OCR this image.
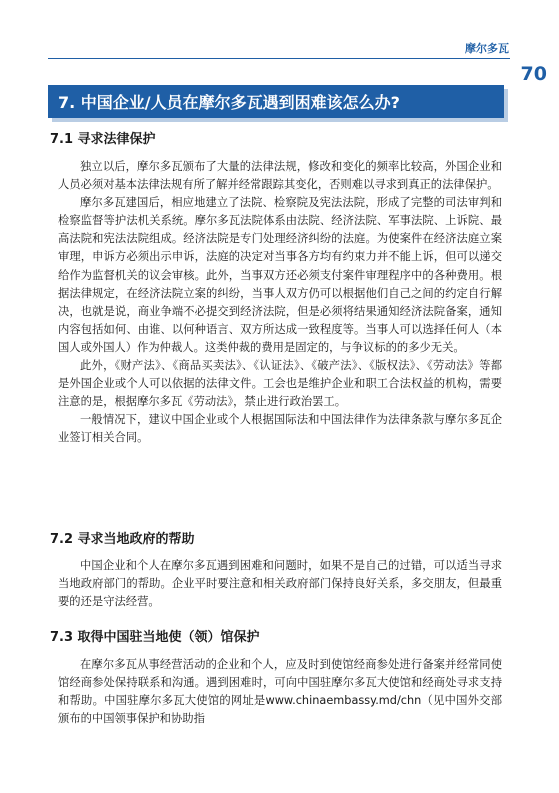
摩尔多瓦
70
7. 中国企业/人员在摩尔多瓦遇到困难该怎么办?
7.1 寻求法律保护

独立以后，摩尔多瓦颁布了大量的法律法规，修改和变化的频率比较高，外国企业和人员必须对基本法律法规有所了解并经常跟踪其变化，否则难以寻求到真正的法律保护。

摩尔多瓦建国后，相应地建立了法院、检察院及宪法法院，形成了完整的司法审判和检察监督等护法机关系统。摩尔多瓦法院体系由法院、经济法院、军事法院、上诉院、最高法院和宪法法院组成。经济法院是专门处理经济纠纷的法庭。为使案件在经济法庭立案审理，申诉方必须出示申诉，法庭的决定对当事各方均有约束力并不能上诉，但可以递交给作为监督机关的议会审核。此外，当事双方还必须支付案件审理程序中的各种费用。根据法律规定，在经济法院立案的纠纷，当事人双方仍可以根据他们自己之间的约定自行解决，也就是说，商业争端不必提交到经济法院，但是必须将结果通知经济法院备案，通知内容包括如何、由谁、以何种语言、双方所达成一致程度等。当事人可以选择任何人（本国人或外国人）作为仲裁人。这类仲裁的费用是固定的，与争议标的的多少无关。

此外，《财产法》、《商品买卖法》、《认证法》、《破产法》、《版权法》、《劳动法》等都是外国企业或个人可以依据的法律文件。工会也是维护企业和职工合法权益的机构，需要注意的是，根据摩尔多瓦《劳动法》，禁止进行政治罢工。

一般情况下，建议中国企业或个人根据国际法和中国法律作为法律条款与摩尔多瓦企业签订相关合同。

7.2 寻求当地政府的帮助

中国企业和个人在摩尔多瓦遇到困难和问题时，如果不是自己的过错，可以适当寻求当地政府部门的帮助。企业平时要注意和相关政府部门保持良好关系，多交朋友，但最重要的还是守法经营。

7.3 取得中国驻当地使（领）馆保护

在摩尔多瓦从事经营活动的企业和个人，应及时到使馆经商参处进行备案并经常同使馆经商参处保持联系和沟通。遇到困难时，可向中国驻摩尔多瓦大使馆和经商处寻求支持和帮助。中国驻摩尔多瓦大使馆的网址是www.chinaembassy.md/chn（见中国外交部颁布的中国领事保护和协助指
